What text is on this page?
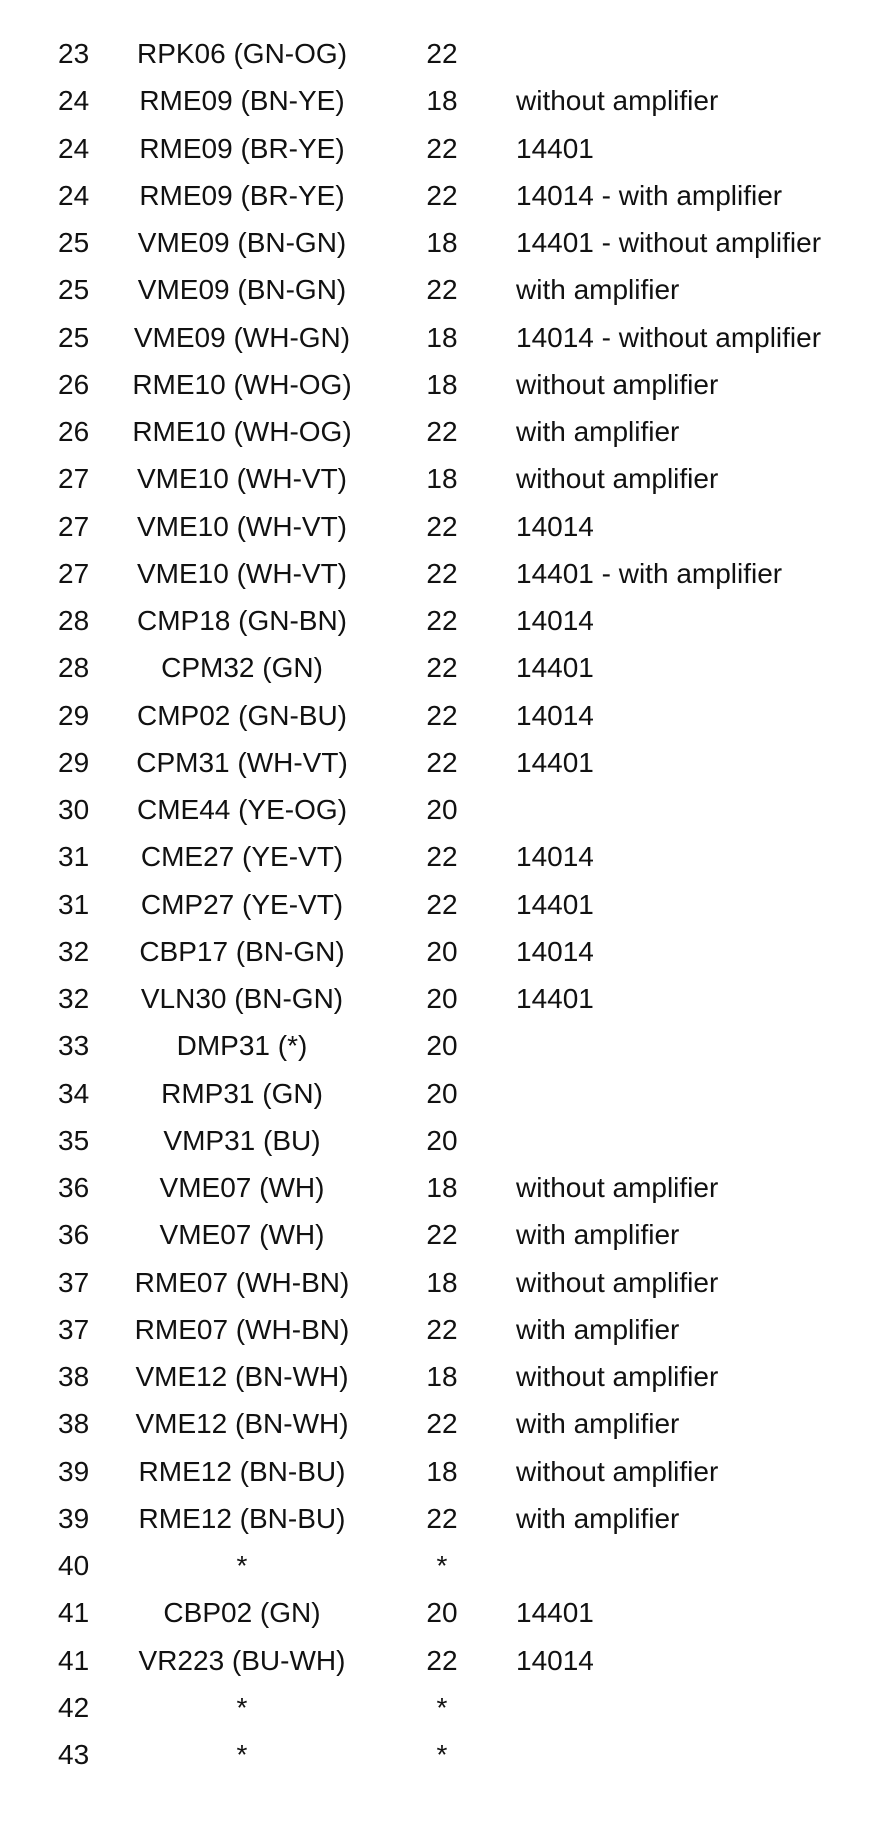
23	RPK06 (GN-OG)	22
24	RME09 (BN-YE)	18	without amplifier
24	RME09 (BR-YE)	22	14401
24	RME09 (BR-YE)	22	14014 - with amplifier
25	VME09 (BN-GN)	18	14401 - without amplifier
25	VME09 (BN-GN)	22	with amplifier
25	VME09 (WH-GN)	18	14014 - without amplifier
26	RME10 (WH-OG)	18	without amplifier
26	RME10 (WH-OG)	22	with amplifier
27	VME10 (WH-VT)	18	without amplifier
27	VME10 (WH-VT)	22	14014
27	VME10 (WH-VT)	22	14401 - with amplifier
28	CMP18 (GN-BN)	22	14014
28	CPM32 (GN)	22	14401
29	CMP02 (GN-BU)	22	14014
29	CPM31 (WH-VT)	22	14401
30	CME44 (YE-OG)	20
31	CME27 (YE-VT)	22	14014
31	CMP27 (YE-VT)	22	14401
32	CBP17 (BN-GN)	20	14014
32	VLN30 (BN-GN)	20	14401
33	DMP31 (*)	20
34	RMP31 (GN)	20
35	VMP31 (BU)	20
36	VME07 (WH)	18	without amplifier
36	VME07 (WH)	22	with amplifier
37	RME07 (WH-BN)	18	without amplifier
37	RME07 (WH-BN)	22	with amplifier
38	VME12 (BN-WH)	18	without amplifier
38	VME12 (BN-WH)	22	with amplifier
39	RME12 (BN-BU)	18	without amplifier
39	RME12 (BN-BU)	22	with amplifier
40	*	*
41	CBP02 (GN)	20	14401
41	VR223 (BU-WH)	22	14014
42	*	*
43	*	*
